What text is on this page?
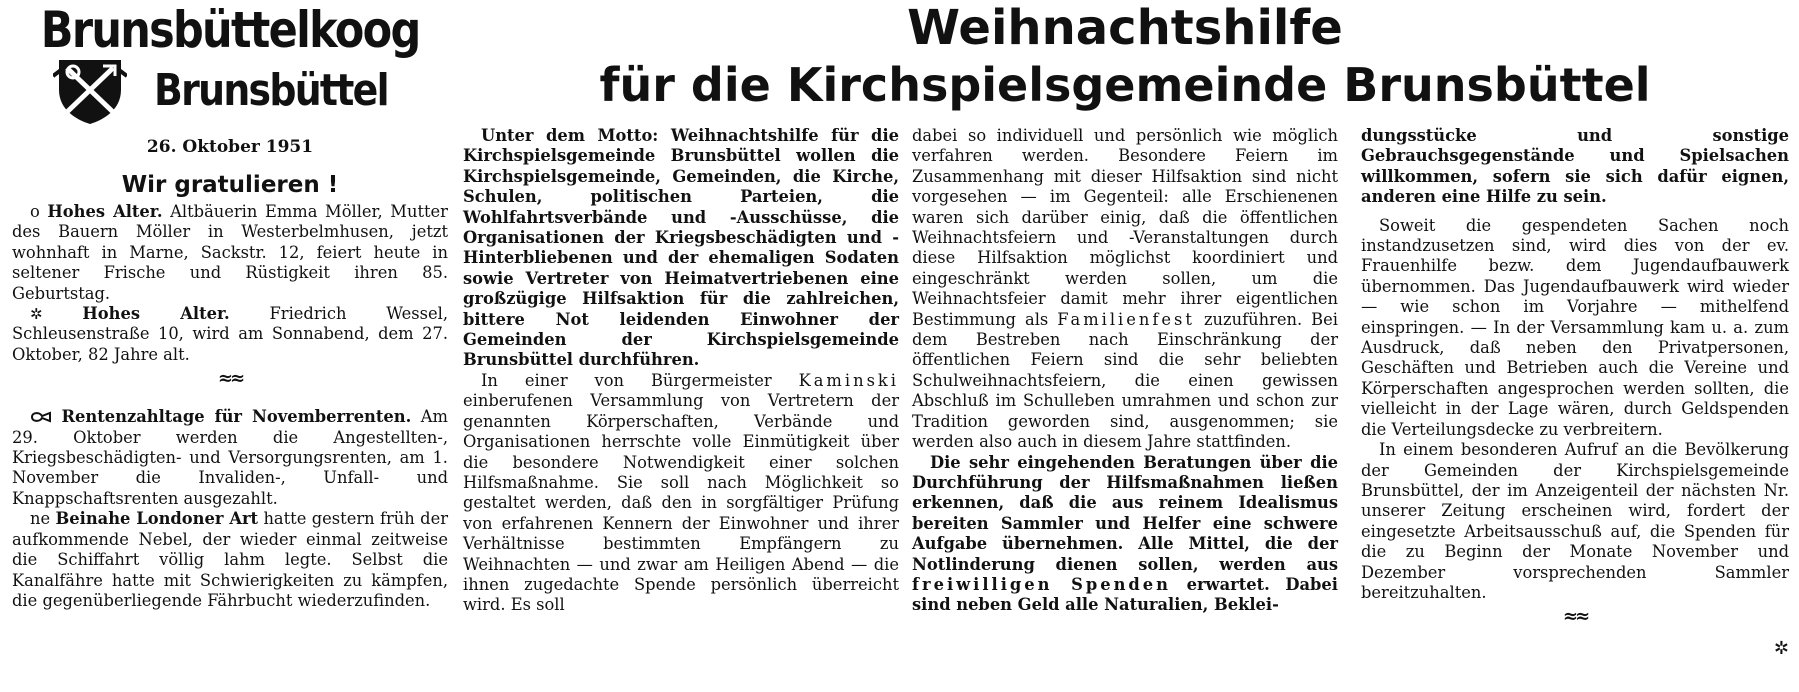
Brunsbüttelkoog
Brunsbüttel
26. Oktober 1951
Weihnachtshilfe
für die Kirchspielsgemeinde Brunsbüttel
Wir gratulieren !

o Hohes Alter. Altbäuerin Emma Möller, Mutter des Bauern Möller in Westerbelmhusen, jetzt wohnhaft in Marne, Sackstr. 12, feiert heute in seltener Frische und Rüstigkeit ihren 85. Geburtstag.

✲ Hohes Alter. Friedrich Wessel, Schleusenstraße 10, wird am Sonnabend, dem 27. Oktober, 82 Jahre alt.

≈≈

Rentenzahltage für Novemberrenten. Am 29. Oktober werden die Angestellten-, Kriegsbeschädigten- und Versorgungsrenten, am 1. November die Invaliden-, Unfall- und Knappschaftsrenten ausgezahlt.

ne Beinahe Londoner Art hatte gestern früh der aufkommende Nebel, der wieder einmal zeitweise die Schiffahrt völlig lahm legte. Selbst die Kanalfähre hatte mit Schwierigkeiten zu kämpfen, die gegenüberliegende Fährbucht wiederzufinden.

Unter dem Motto: Weihnachtshilfe für die Kirchspielsgemeinde Brunsbüttel wollen die Kirchspielsgemeinde, Gemeinden, die Kirche, Schulen, politischen Parteien, die Wohlfahrtsverbände und -Ausschüsse, die Organisationen der Kriegsbeschädigten und -Hinterbliebenen und der ehemaligen Sodaten sowie Vertreter von Heimatvertriebenen eine großzügige Hilfsaktion für die zahlreichen, bittere Not leidenden Einwohner der Gemeinden der Kirchspielsgemeinde Brunsbüttel durchführen.

In einer von Bürgermeister Kaminski einberufenen Versammlung von Vertretern der genannten Körperschaften, Verbände und Organisationen herrschte volle Einmütigkeit über die besondere Notwendigkeit einer solchen Hilfsmaßnahme. Sie soll nach Möglichkeit so gestaltet werden, daß den in sorgfältiger Prüfung von erfahrenen Kennern der Einwohner und ihrer Verhältnisse bestimmten Empfängern zu Weihnachten — und zwar am Heiligen Abend — die ihnen zugedachte Spende persönlich überreicht wird. Es soll

dabei so individuell und persönlich wie möglich verfahren werden. Besondere Feiern im Zusammenhang mit dieser Hilfsaktion sind nicht vorgesehen — im Gegenteil: alle Erschienenen waren sich darüber einig, daß die öffentlichen Weihnachtsfeiern und -Veranstaltungen durch diese Hilfsaktion möglichst koordiniert und eingeschränkt werden sollen, um die Weihnachtsfeier damit mehr ihrer eigentlichen Bestimmung als Familienfest zuzuführen. Bei dem Bestreben nach Einschränkung der öffentlichen Feiern sind die sehr beliebten Schulweihnachtsfeiern, die einen gewissen Abschluß im Schulleben umrahmen und schon zur Tradition geworden sind, ausgenommen; sie werden also auch in diesem Jahre stattfinden.

Die sehr eingehenden Beratungen über die Durchführung der Hilfsmaßnahmen ließen erkennen, daß die aus reinem Idealismus bereiten Sammler und Helfer eine schwere Aufgabe übernehmen. Alle Mittel, die der Notlinderung dienen sollen, werden aus freiwilligen Spenden erwartet. Dabei sind neben Geld alle Naturalien, Beklei-

dungsstücke und sonstige Gebrauchsgegenstände und Spielsachen willkommen, sofern sie sich dafür eignen, anderen eine Hilfe zu sein.

Soweit die gespendeten Sachen noch instandzusetzen sind, wird dies von der ev. Frauenhilfe bezw. dem Jugendaufbauwerk übernommen. Das Jugendaufbauwerk wird wieder — wie schon im Vorjahre — mithelfend einspringen. — In der Versammlung kam u. a. zum Ausdruck, daß neben den Privatpersonen, Geschäften und Betrieben auch die Vereine und Körperschaften angesprochen werden sollten, die vielleicht in der Lage wären, durch Geldspenden die Verteilungsdecke zu verbreitern.

In einem besonderen Aufruf an die Bevölkerung der Gemeinden der Kirchspielsgemeinde Brunsbüttel, der im Anzeigenteil der nächsten Nr. unserer Zeitung erscheinen wird, fordert der eingesetzte Arbeitsausschuß auf, die Spenden für die zu Beginn der Monate November und Dezember vorsprechenden Sammler bereitzuhalten.

≈≈
✲
